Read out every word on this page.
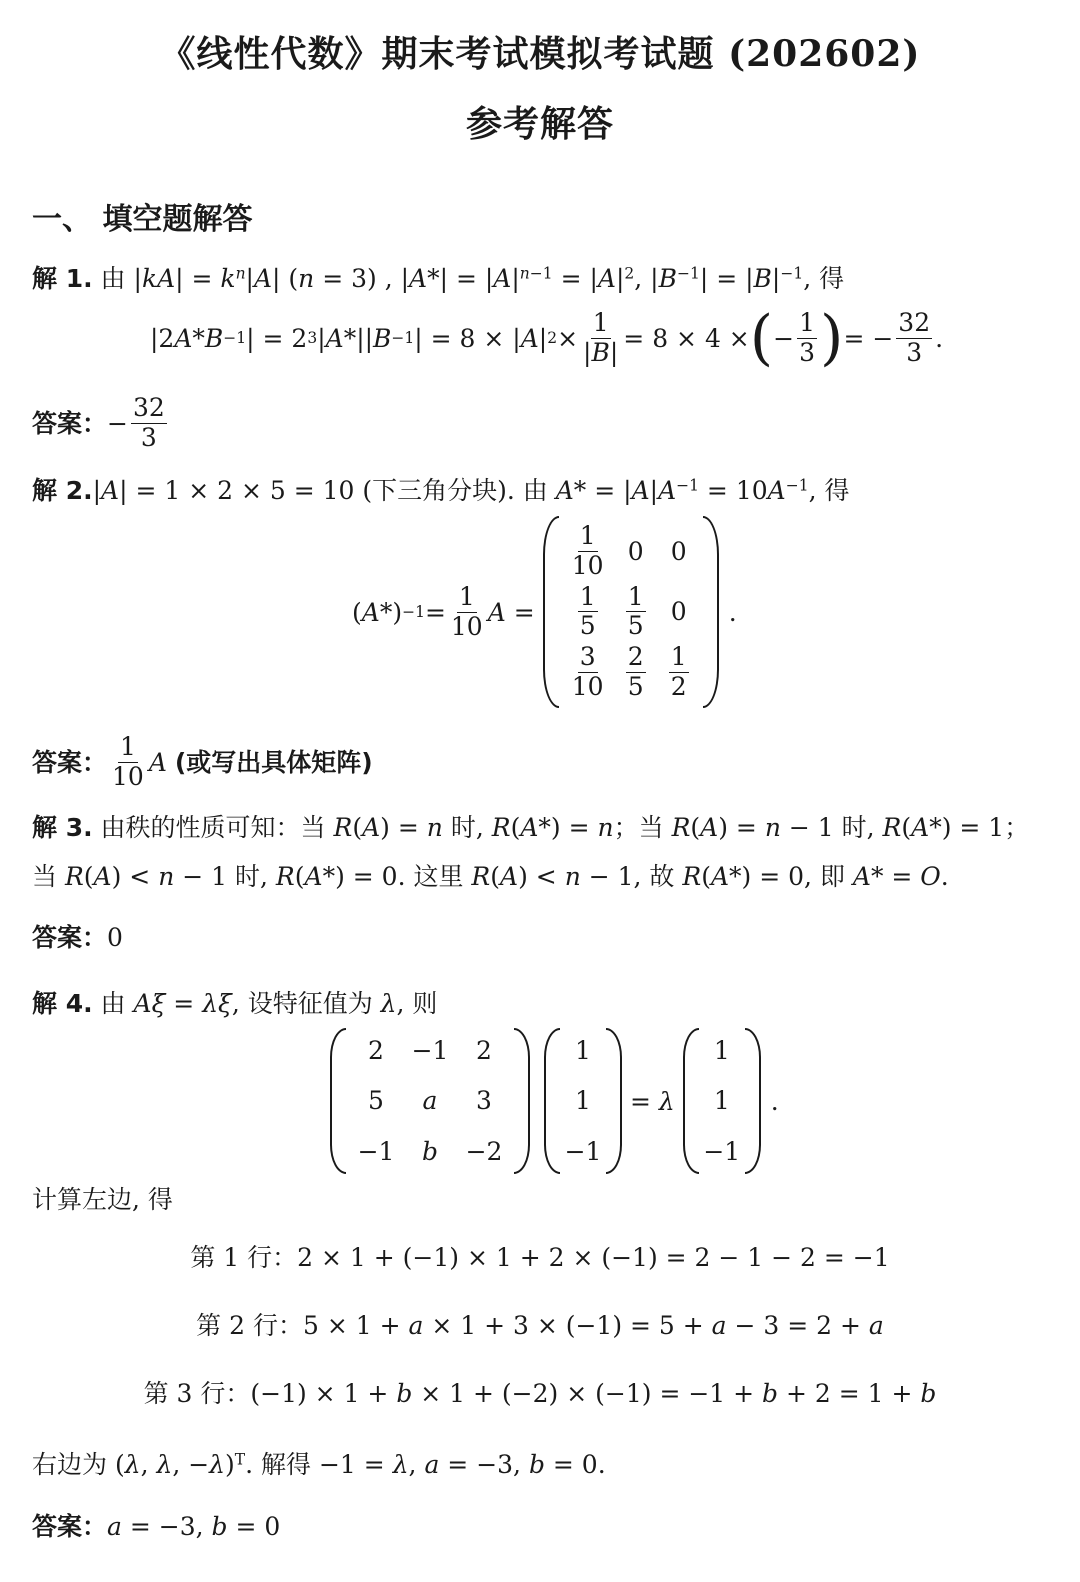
《线性代数》期末考试模拟考试题 (202602)
参考解答
一、 填空题解答
解 1. 由 $|kA| = k^n|A|$ (n = 3) , $|A*| = |A|^{n-1} = |A|^2$, $|B^{-1}| = |B|^{-1}$, 得
|2 A * B −1 | = 2 3 | A *|| B −1 | = 8 × | A | $2 \times \frac{1}{|B|} = 8 \times 4$ × ( − $\frac{1}{3}$ ) = − $\frac{32}{3}$ .
答案： − $\frac{32}{3}$
解 2.|A| = 1 × 2 × 5 = 10 (下三角分块). 由 $A* = |A|A^{-1} = 10A^{-1}$, 得
( A *) $-1 = \frac{1}{10}$ A =
$\frac{1}{10} 0$ 0
$\frac{1}{5} \frac{1}{5} 0$
$\frac{3}{10} \frac{2}{5} \frac{1}{2}$
.
答案： $\frac{1}{10}$ A
(或写出具体矩阵)
解 3. 由秩的性质可知：当 R(A) = n 时, R(A*) = n；当 R(A) = n − 1 时, R(A*) = 1；
当 R(A) < n − 1 时, R(A*) = 0. 这里 R(A) < n − 1, 故 R(A*) = 0, 即 A* = O.
答案：0
解 4. 由 Aξ = λξ, 设特征值为 λ, 则
2 −1 2
5 a 3
−1 b −2
1
1
−1
= λ
1
1
−1
.
计算左边, 得
第 1 行：2 × 1 + (−1) × 1 + 2 × (−1) = 2 − 1 − 2 = −1
第 2 行：5 × 1 + a × 1 + 3 × (−1) = 5 + a − 3 = 2 + a
第 3 行：(−1) × 1 + b × 1 + (−2) × (−1) = −1 + b + 2 = 1 + b
右边为 (λ, λ, −λ)$^T$. 解得 −1 = λ, a = −3, b = 0.
答案：a = −3, b = 0
